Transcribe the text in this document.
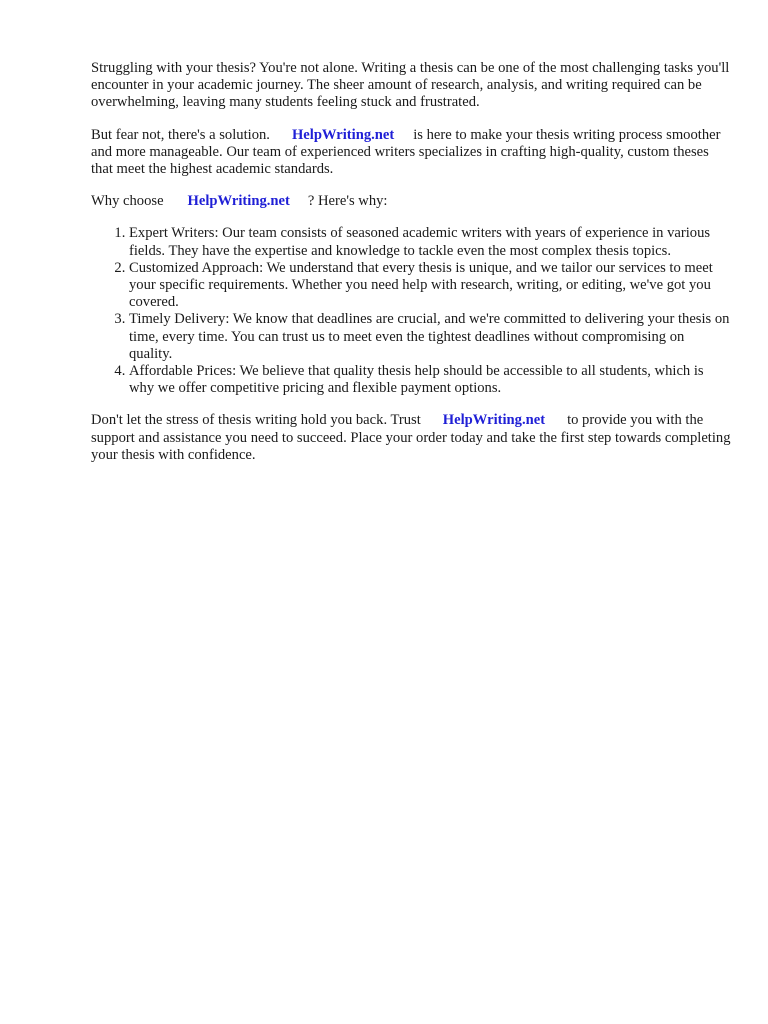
Struggling with your thesis? You're not alone. Writing a thesis can be one of the most challenging tasks you'll encounter in your academic journey. The sheer amount of research, analysis, and writing required can be overwhelming, leaving many students feeling stuck and frustrated.

But fear not, there's a solution. HelpWriting.net is here to make your thesis writing process smoother and more manageable. Our team of experienced writers specializes in crafting high-quality, custom theses that meet the highest academic standards.

Why choose HelpWriting.net ? Here's why:

1. Expert Writers: Our team consists of seasoned academic writers with years of experience in various fields. They have the expertise and knowledge to tackle even the most complex thesis topics.
2. Customized Approach: We understand that every thesis is unique, and we tailor our services to meet your specific requirements. Whether you need help with research, writing, or editing, we've got you covered.
3. Timely Delivery: We know that deadlines are crucial, and we're committed to delivering your thesis on time, every time. You can trust us to meet even the tightest deadlines without compromising on quality.
4. Affordable Prices: We believe that quality thesis help should be accessible to all students, which is why we offer competitive pricing and flexible payment options.

Don't let the stress of thesis writing hold you back. Trust HelpWriting.net to provide you with the support and assistance you need to succeed. Place your order today and take the first step towards completing your thesis with confidence.
